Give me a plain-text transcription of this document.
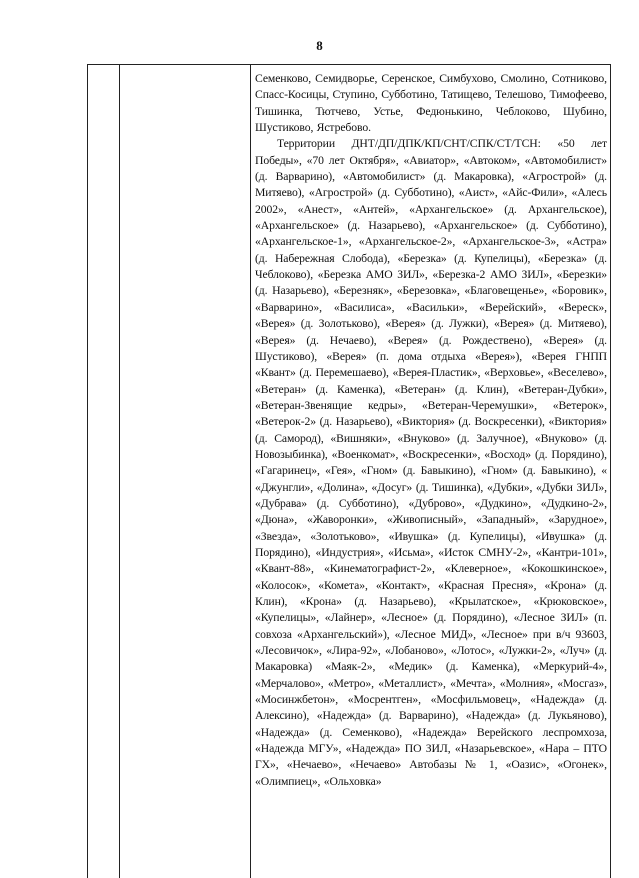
8

Семенково, Семидворье, Серенское, Симбухово, Смолино, Сотниково, Спасс-Косицы, Ступино, Субботино, Татищево, Телешово, Тимофеево, Тишинка, Тютчево, Устье, Федюнькино, Чеблоково, Шубино, Шустиково, Ястребово.

Территории ДНТ/ДП/ДПК/КП/СНТ/СПК/СТ/ТСН: «50 лет Победы», «70 лет Октября», «Авиатор», «Автоком», «Автомобилист» (д. Варварино), «Автомобилист» (д. Макаровка), «Агрострой» (д. Митяево), «Агрострой» (д. Субботино), «Аист», «Айс-Фили», «Алесь 2002», «Анест», «Антей», «Архангельское» (д. Архангельское), «Архангельское» (д. Назарьево), «Архангельское» (д. Субботино), «Архангельское-1», «Архангельское-2», «Архангельское-3», «Астра» (д. Набережная Слобода), «Березка» (д. Купелицы), «Березка» (д. Чеблоково), «Березка АМО ЗИЛ», «Березка-2 АМО ЗИЛ», «Березки» (д. Назарьево), «Березняк», «Березовка», «Благовещенье», «Боровик», «Варварино», «Василиса», «Васильки», «Верейский», «Вереск», «Верея» (д. Золотьково), «Верея» (д. Лужки), «Верея» (д. Митяево), «Верея» (д. Нечаево), «Верея» (д. Рождествено), «Верея» (д. Шустиково), «Верея» (п. дома отдыха «Верея»), «Верея ГНПП «Квант» (д. Перемешаево), «Верея-Пластик», «Верховье», «Веселево», «Ветеран» (д. Каменка), «Ветеран» (д. Клин), «Ветеран-Дубки», «Ветеран-Звенящие кедры», «Ветеран-Черемушки», «Ветерок», «Ветерок-2» (д. Назарьево), «Виктория» (д. Воскресенки), «Виктория» (д. Самород), «Вишняки», «Внуково» (д. Залучное), «Внуково» (д. Новозыбинка), «Военкомат», «Воскресенки», «Восход» (д. Порядино), «Гагаринец», «Гея», «Гном» (д. Бавыкино), «Гном» (д. Бавыкино), « «Джунгли», «Долина», «Досуг» (д. Тишинка), «Дубки», «Дубки ЗИЛ», «Дубрава» (д. Субботино), «Дуброво», «Дудкино», «Дудкино-2», «Дюна», «Жаворонки», «Живописный», «Западный», «Зарудное», «Звезда», «Золотьково», «Ивушка» (д. Купелицы), «Ивушка» (д. Порядино), «Индустрия», «Исьма», «Исток СМНУ-2», «Кантри-101», «Квант-88», «Кинематографист-2», «Клеверное», «Кокошкинское», «Колосок», «Комета», «Контакт», «Красная Пресня», «Крона» (д. Клин), «Крона» (д. Назарьево), «Крылатское», «Крюковское», «Купелицы», «Лайнер», «Лесное» (д. Порядино), «Лесное ЗИЛ» (п. совхоза «Архангельский»), «Лесное МИД», «Лесное» при в/ч 93603, «Лесовичок», «Лира-92», «Лобаново», «Лотос», «Лужки-2», «Луч» (д. Макаровка) «Маяк-2», «Медик» (д. Каменка), «Меркурий-4», «Мерчалово», «Метро», «Металлист», «Мечта», «Молния», «Мосгаз», «Мосинжбетон», «Мосрентген», «Мосфильмовец», «Надежда» (д. Алексино), «Надежда» (д. Варварино), «Надежда» (д. Лукьяново), «Надежда» (д. Семенково), «Надежда» Верейского леспромхоза, «Надежда МГУ», «Надежда» ПО ЗИЛ, «Назарьевское», «Нара – ПТО ГХ», «Нечаево», «Нечаево» Автобазы № 1, «Оазис», «Огонек», «Олимпиец», «Ольховка»
